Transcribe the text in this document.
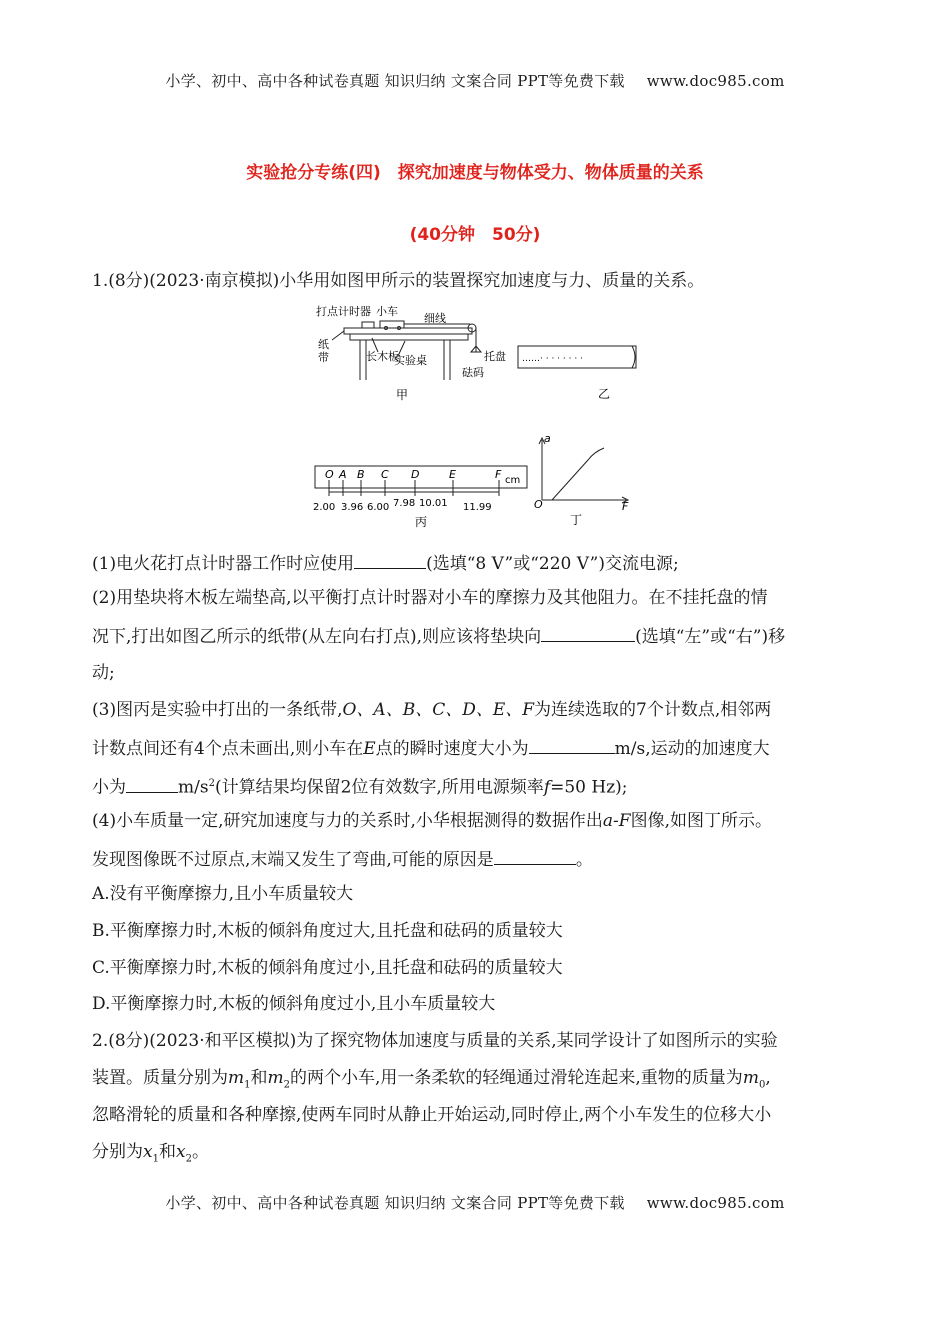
小学、初中、高中各种试卷真题 知识归纳 文案合同 PPT等免费下载 www.doc985.com
实验抢分专练(四)　探究加速度与物体受力、物体质量的关系
(40分钟　50分)
1.(8分)(2023·南京模拟)小华用如图甲所示的装置探究加速度与力、质量的关系。
打点计时器 小车
细线
纸
带	长木板
实验桌	托盘
砝码
甲
……· · · · · · · ·
乙
O A B C D	E	F cm
2.00 3.96 6.00 7.98 10.01 11.99
丙
a
F
O
丁
(1)电火花打点计时器工作时应使用	(选填“8 V”或“220 V”)交流电源;
(2)用垫块将木板左端垫高,以平衡打点计时器对小车的摩擦力及其他阻力。在不挂托盘的情
况下,打出如图乙所示的纸带(从左向右打点),则应该将垫块向	(选填“左”或“右”)移
动;
(3)图丙是实验中打出的一条纸带,O、A、B、C、D、E、F为连续选取的7个计数点,相邻两
计数点间还有4个点未画出,则小车在E点的瞬时速度大小为	m/s,运动的加速度大
小为	$m/s^2$(计算结果均保留2位有效数字,所用电源频率f=50 Hz);
(4)小车质量一定,研究加速度与力的关系时,小华根据测得的数据作出a-F图像,如图丁所示。
发现图像既不过原点,末端又发生了弯曲,可能的原因是	。
A.没有平衡摩擦力,且小车质量较大
B.平衡摩擦力时,木板的倾斜角度过大,且托盘和砝码的质量较大
C.平衡摩擦力时,木板的倾斜角度过小,且托盘和砝码的质量较大
D.平衡摩擦力时,木板的倾斜角度过小,且小车质量较大
2.(8分)(2023·和平区模拟)为了探究物体加速度与质量的关系,某同学设计了如图所示的实验
装置。质量分别为$m_1$和$m_2$的两个小车,用一条柔软的轻绳通过滑轮连起来,重物的质量为$m_0$,
忽略滑轮的质量和各种摩擦,使两车同时从静止开始运动,同时停止,两个小车发生的位移大小
分别为$x_1$和$x_2$。
小学、初中、高中各种试卷真题 知识归纳 文案合同 PPT等免费下载 www.doc985.com
